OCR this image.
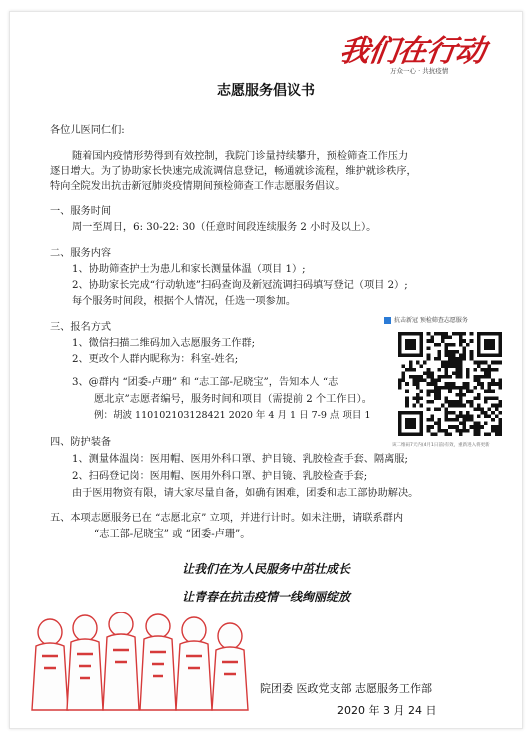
我们在行动
万众一心 · 共抗疫情
志愿服务倡议书
各位儿医同仁们:
随着国内疫情形势得到有效控制，我院门诊量持续攀升，预检筛查工作压力
逐日增大。为了协助家长快速完成流调信息登记，畅通就诊流程，维护就诊秩序，
特向全院发出抗击新冠肺炎疫情期间预检筛查工作志愿服务倡议。
一、服务时间
周一至周日，6: 30-22: 30（任意时间段连续服务 2 小时及以上）。
二、服务内容
1、协助筛查护士为患儿和家长测量体温（项目 1）;
2、协助家长完成“行动轨迹”扫码查询及新冠流调扫码填写登记（项目 2）;
每个服务时间段，根据个人情况，任选一项参加。
三、报名方式
1、微信扫描二维码加入志愿服务工作群;
2、更改个人群内昵称为：科室-姓名;
3、@群内 “团委-卢珊” 和 “志工部-尼晓宝”，告知本人 “志
愿北京”志愿者编号，服务时间和项目（需提前 2 个工作日）。
例：胡波 110102103128421 2020 年 4 月 1 日 7-9 点 项目 1
抗击新冠 预检筛查志愿服务
该二维码7天内(4月1日前)有效，重新进入将更新
四、防护装备
1、测量体温岗：医用帽、医用外科口罩、护目镜、乳胶检查手套、隔离服;
2、扫码登记岗：医用帽、医用外科口罩、护目镜、乳胶检查手套;
由于医用物资有限，请大家尽量自备，如确有困难，团委和志工部协助解决。
五、本项志愿服务已在 “志愿北京” 立项，并进行计时。如未注册，请联系群内
“志工部-尼晓宝” 或 “团委-卢珊”。
让我们在为人民服务中茁壮成长
让青春在抗击疫情一线绚丽绽放
院团委 医政党支部 志愿服务工作部
2020 年 3 月 24 日
